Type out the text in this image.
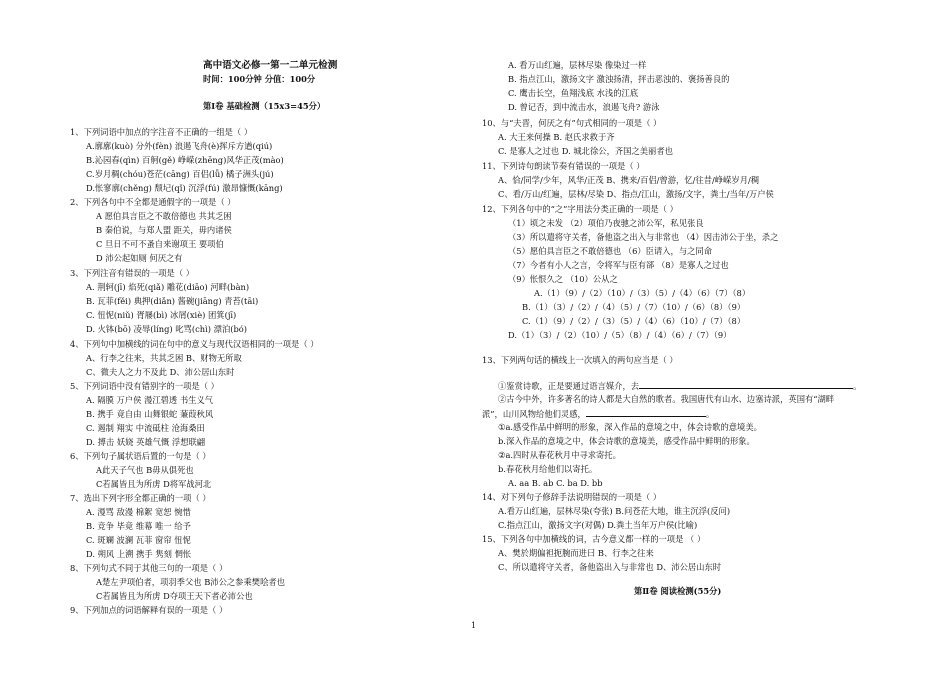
高中语文必修一第一二单元检测
时间：100分钟 分值：100分
第Ⅰ卷 基础检测（15x3=45分）
1、下列词语中加点的字注音不正确的一组是（ ）
A.廓廓(kuò) 分外(fèn) 浪遏飞舟(è)挥斥方遒(qiú)
B.沁园春(qìn) 百舸(gě) 峥嵘(zhēng)风华正茂(mào)
C.岁月稠(chóu)苍茫(cāng) 百侣(lǚ) 橘子洲头(jú)
D.怅寥廓(chěng) 颓圮(qǐ) 沉浮(fú) 激昂慷慨(kāng)
2、下列各句中不全都是通假字的一项是（ ）
A 愿伯具言臣之不敢倍德也 共其乏困
B 秦伯说，与郑人盟 距关，毋内诸侯
C 旦日不可不蚤自来谢项王 要项伯
D 沛公起如厕 何厌之有
3、下列注音有错误的一项是（ ）
A. 荆轲(jī) 焰死(qiǎ) 雕花(diāo) 河畔(bàn)
B. 瓦菲(fěi) 典押(diǎn) 酱碗(jiāng) 青苔(tāi)
C. 忸怩(niǔ) 胥屦(bì) 冰屑(xiè) 团箕(jī)
D. 火钵(bō) 凌辱(líng) 叱骂(chì) 漂泊(bó)
4、下列句中加横线的词在句中的意义与现代汉语相同的一项是（ ）
A、行李之往来，共其乏困 B、财物无所取
C、微夫人之力不及此 D、沛公居山东时
5、下列词语中没有错别字的一项是（ ）
A. 隔膜 万户侯 漫江碧透 书生义气
B. 携手 竟自由 山舞银蛇 蒹葭秋风
C. 遏制 翔实 中流砥柱 沧海桑田
D. 搏击 妖娆 英雄气慨 浮想联翩
6、下列句子属状语后置的一句是（ ）
A此天子气也 B毋从俱死也
C若属皆且为所虏 D将军战河北
7、选出下列字形全都正确的一项（ ）
A. 漫骂 敌漫 棉絮 宽恕 惋惜
B. 竞争 毕竟 维幕 唯一 给予
C. 斑斓 波澜 瓦菲 窗帘 忸怩
D. 朔风 上溯 携手 隽刻 惘怅
8、下列句式不同于其他三句的一项是（ ）
A楚左尹项伯者，项羽季父也 B沛公之参乘樊哙者也
C若属皆且为所虏 D夺项王天下者必沛公也
9、下列加点的词语解释有误的一项是（ ）
A. 看万山红遍，层林尽染 像染过一样
B. 指点江山，激扬文字 激浊扬清，抨击恶浊的、褒扬善良的
C. 鹰击长空，鱼翔浅底 水浅的江底
D. 曾记否，到中流击水，浪遏飞舟? 游泳
10、与“夫晋，何厌之有”句式相同的一项是（ ）
A. 大王来何操 B. 赵氏求救于齐
C. 是寡人之过也 D. 城北徐公，齐国之美丽者也
11、下列诗句朗读节奏有错误的一项是（ ）
A、恰/同学/少年，风华/正茂 B、携来/百侣/曾游，忆/往昔/峥嵘岁月/稠
C、看/万山/红遍，层林/尽染 D、指点/江山，激扬/文字，粪土/当年/万户侯
12、下列各句中的“之”字用法分类正确的一项是（ ）
（1）顷之未发 （2）项伯乃夜驰之沛公军，私见张良
（3）所以遣将守关者，备他盗之出入与非常也 （4）因击沛公于坐，杀之
（5）愿伯具言臣之不敢倍德也 （6）臣请入，与之同命
（7）今者有小人之言，令将军与臣有郤 （8）是寡人之过也
（9）怅恨久之 （10）公从之
A.（1）（9）/（2）（10）/（3）（5）/（4）（6）（7）（8）
B.（1）（3）/（2）/（4）（5）/（7）（10）/（6）（8）（9）
C.（1）（9）/（2）/（3）（5）/（4）（6）（10）/（7）（8）
D.（1）（3）/（2）（10）/（5）（8）/（4）（6）/（7）（9）
13、下列两句话的横线上一次填入的两句应当是（ ）
①鉴赏诗歌，正是要通过语言媒介，去	。
②古今中外，许多著名的诗人都是大自然的歌者。我国唐代有山水、边塞诗派，英国有“湖畔
派”，山川风物给他们灵感，	。
①a.感受作品中鲜明的形象，深入作品的意境之中，体会诗歌的意境美。
b.深入作品的意境之中，体会诗歌的意境美，感受作品中鲜明的形象。
②a.四时从春花秋月中寻求寄托。
b.春花秋月给他们以寄托。
A. aa B. ab C. ba D. bb
14、对下列句子修辞手法说明错误的一项是（ ）
A.看万山红遍，层林尽染(夸张) B.问苍茫大地，谁主沉浮(反问)
C.指点江山，激扬文字(对偶) D.粪土当年万户侯(比喻)
15、下列各句中加横线的词，古今意义都一样的一项是 （ ）
A、樊於期偏袒扼腕而进曰 B、行李之往来
C、所以遣将守关者，备他盗出入与非常也 D、沛公居山东时
第Ⅱ卷 阅读检测(55分)
1
